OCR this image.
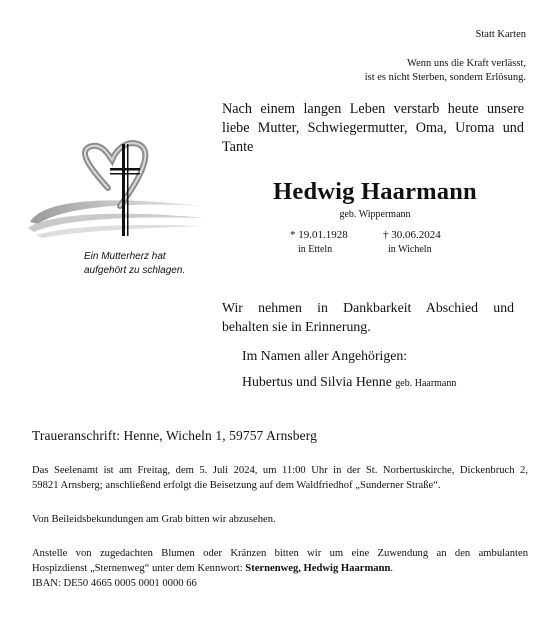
Statt Karten
Wenn uns die Kraft verlässt,
ist es nicht Sterben, sondern Erlösung.

Nach einem langen Leben verstarb heute unsere

liebe Mutter, Schwiegermutter, Oma, Uroma und

Tante

Ein Mutterherz hat
aufgehört zu schlagen.
Hedwig Haarmann
geb. Wippermann
* 19.01.1928	† 30.06.2024
in Etteln	in Wicheln
Wir nehmen in Dankbarkeit Abschied und
behalten sie in Erinnerung.
Im Namen aller Angehörigen:
Hubertus und Silvia Henne geb. Haarmann
Traueranschrift: Henne, Wicheln 1, 59757 Arnsberg
Das Seelenamt ist am Freitag, dem 5. Juli 2024, um 11:00 Uhr in der St. Norbertuskirche, Dickenbruch 2,
59821 Arnsberg; anschließend erfolgt die Beisetzung auf dem Waldfriedhof „Sunderner Straße“.
Von Beileidsbekundungen am Grab bitten wir abzusehen.
Anstelle von zugedachten Blumen oder Kränzen bitten wir um eine Zuwendung an den ambulanten
Hospizdienst „Sternenweg“ unter dem Kennwort: Sternenweg, Hedwig Haarmann.
IBAN: DE50 4665 0005 0001 0000 66
